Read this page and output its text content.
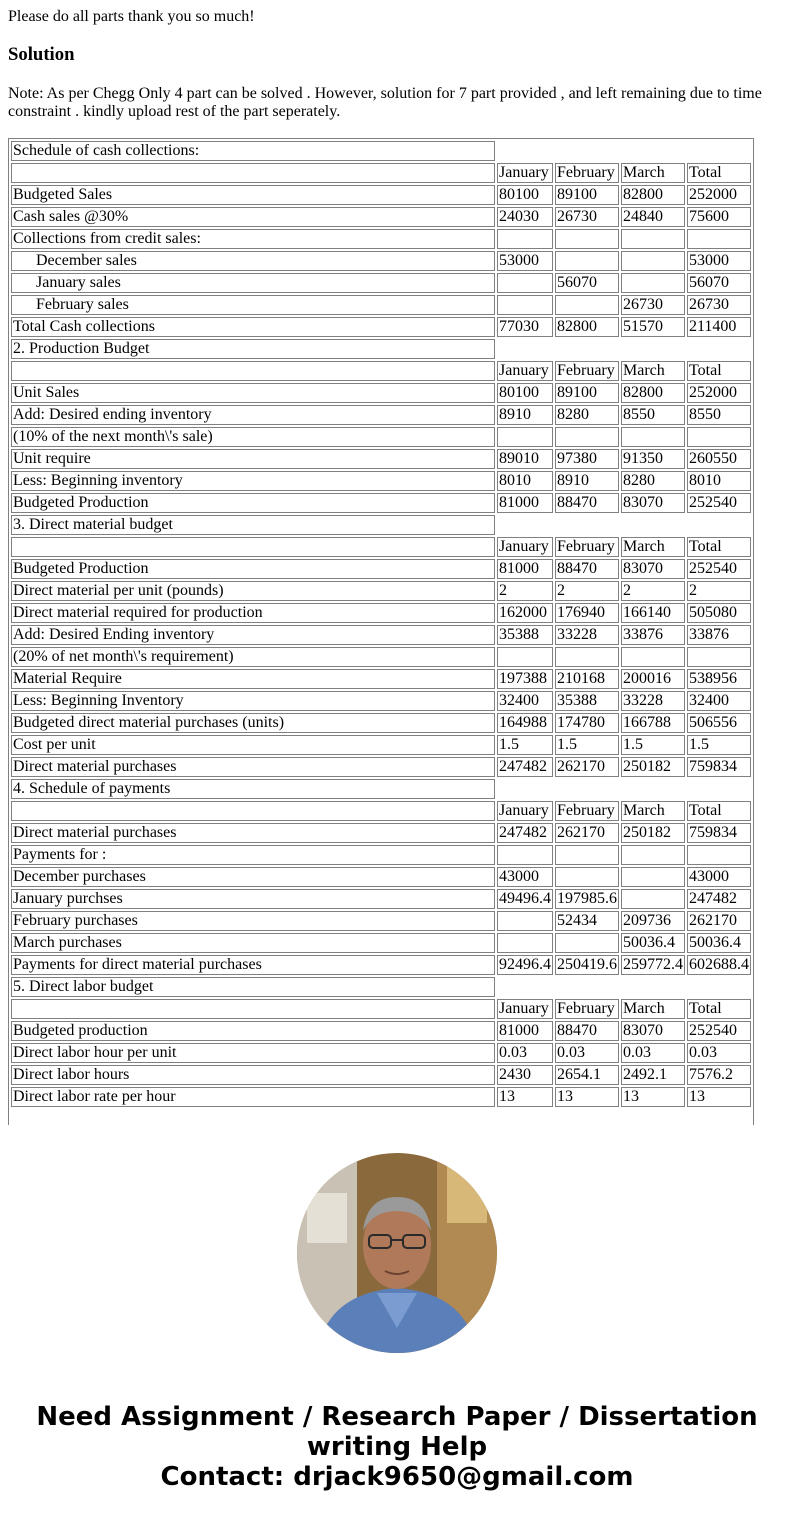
Please do all parts thank you so much!

Solution

Note: As per Chegg Only 4 part can be solved . However, solution for 7 part provided , and left remaining due to time constraint . kindly upload rest of the part seperately.

Schedule of cash collections:				
	January	February	March	Total
Budgeted Sales	80100	89100	82800	252000
Cash sales @30%	24030	26730	24840	75600
Collections from credit sales:				
December sales	53000			53000
January sales		56070		56070
February sales			26730	26730
Total Cash collections	77030	82800	51570	211400
2. Production Budget				
	January	February	March	Total
Unit Sales	80100	89100	82800	252000
Add: Desired ending inventory	8910	8280	8550	8550
(10% of the next month\'s sale)				
Unit require	89010	97380	91350	260550
Less: Beginning inventory	8010	8910	8280	8010
Budgeted Production	81000	88470	83070	252540
3. Direct material budget				
	January	February	March	Total
Budgeted Production	81000	88470	83070	252540
Direct material per unit (pounds)	2	2	2	2
Direct material required for production	162000	176940	166140	505080
Add: Desired Ending inventory	35388	33228	33876	33876
(20% of net month\'s requirement)				
Material Require	197388	210168	200016	538956
Less: Beginning Inventory	32400	35388	33228	32400
Budgeted direct material purchases (units)	164988	174780	166788	506556
Cost per unit	1.5	1.5	1.5	1.5
Direct material purchases	247482	262170	250182	759834
4. Schedule of payments				
	January	February	March	Total
Direct material purchases	247482	262170	250182	759834
Payments for :				
December purchases	43000			43000
January purchses	49496.4	197985.6		247482
February purchases		52434	209736	262170
March purchases			50036.4	50036.4
Payments for direct material purchases	92496.4	250419.6	259772.4	602688.4
5. Direct labor budget				
	January	February	March	Total
Budgeted production	81000	88470	83070	252540
Direct labor hour per unit	0.03	0.03	0.03	0.03
Direct labor hours	2430	2654.1	2492.1	7576.2
Direct labor rate per hour	13	13	13	13
Need Assignment / Research Paper / Dissertation
writing Help
Contact: drjack9650@gmail.com
